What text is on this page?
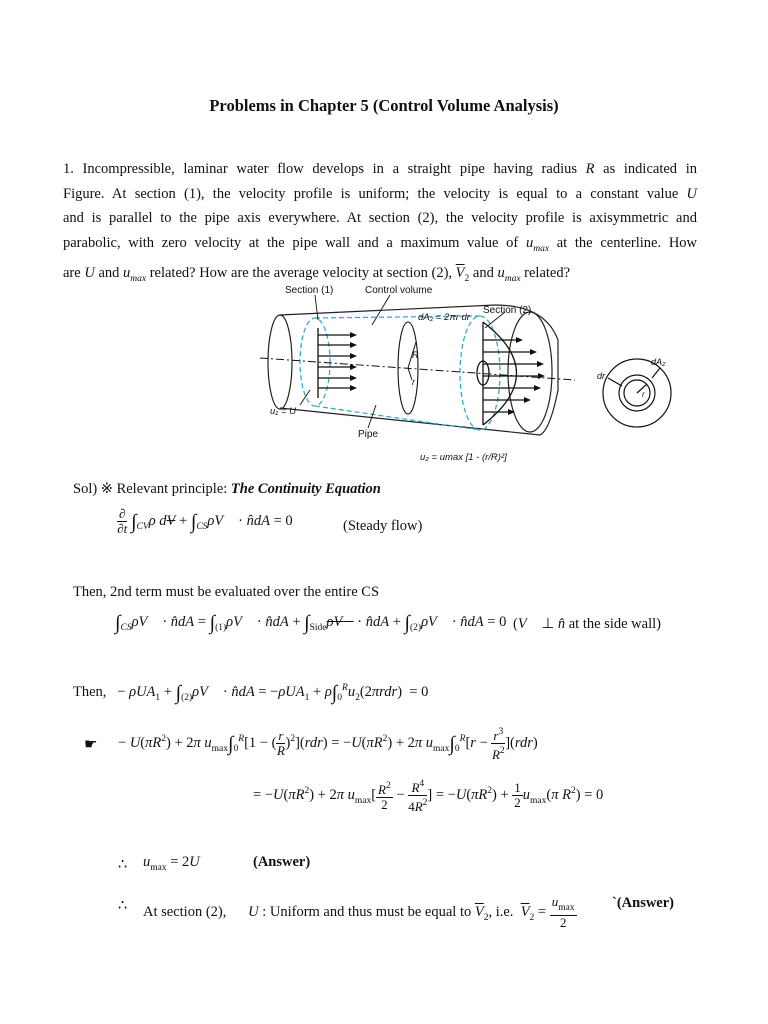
Problems in Chapter 5 (Control Volume Analysis)
1. Incompressible, laminar water flow develops in a straight pipe having radius R as indicated in
Figure. At section (1), the velocity profile is uniform; the velocity is equal to a constant value U
and is parallel to the pipe axis everywhere. At section (2), the velocity profile is axisymmetric and
parabolic, with zero velocity at the pipe wall and a maximum value of $u_{max}$ at the centerline. How
are U and $u_{max}$ related? How are the average velocity at section (2), $\overline{V}_2$ and $u_{max}$ related?
Section (1)	Control volume
dA₂ = 2πr dr
Section (2)
R
r
u₁ = U
Pipe
u₂ = umax [1 - (r/R)²]
dr
dA₂
r
Sol) ※ Relevant principle: The Continuity Equation
$\frac{\partial}{\partial t} \int_{CV}\rho$ dV + $\int_{CS}\rho V⃗$ · n̂dA = 0	(Steady flow)
Then, 2nd term must be evaluated over the entire CS
$\int_{CS}\rho V⃗$ · n̂dA = $\int_{(1)}\rho V⃗$ · n̂dA + $\int_{Side}\rho V⃗$ · n̂dA + $\int_{(2)}\rho V⃗$ · n̂dA = 0 (V⃗ ⊥ n̂ at the side wall)
Then,   − $\rho UA_1 + \int_{(2)}\rho V⃗$ · n̂dA = $-\rho UA_1 + \rho\int_0^Ru_2(2\pi rdr) = 0$
☛ − $U(\pi R^2) + 2\pi$ $u_{max}\int_0^R[1$ − ( $\frac{r}{R} )^2](rdr) = -U(\pi R^2) + 2\pi$ $u_{max}\int_0^R[r - \frac{r^3}{R^2} ](rdr)$
= $-U(\pi R^2) + 2\pi$ $u_{max}[ \frac{R^2}{2} - \frac{R^4}{4R^2}$ ] = $-U(\pi R^2) + \frac{1}{2} u_{max}(\pi$ $R^2) = 0$
∴ $u_{max} = 2U$	(Answer)
∴ At section (2), U : Uniform and thus must be equal to $\overline{V}_2$, i.e. $\overline{V}_2 = \frac{u_{max}}{2}$ `(Answer)
